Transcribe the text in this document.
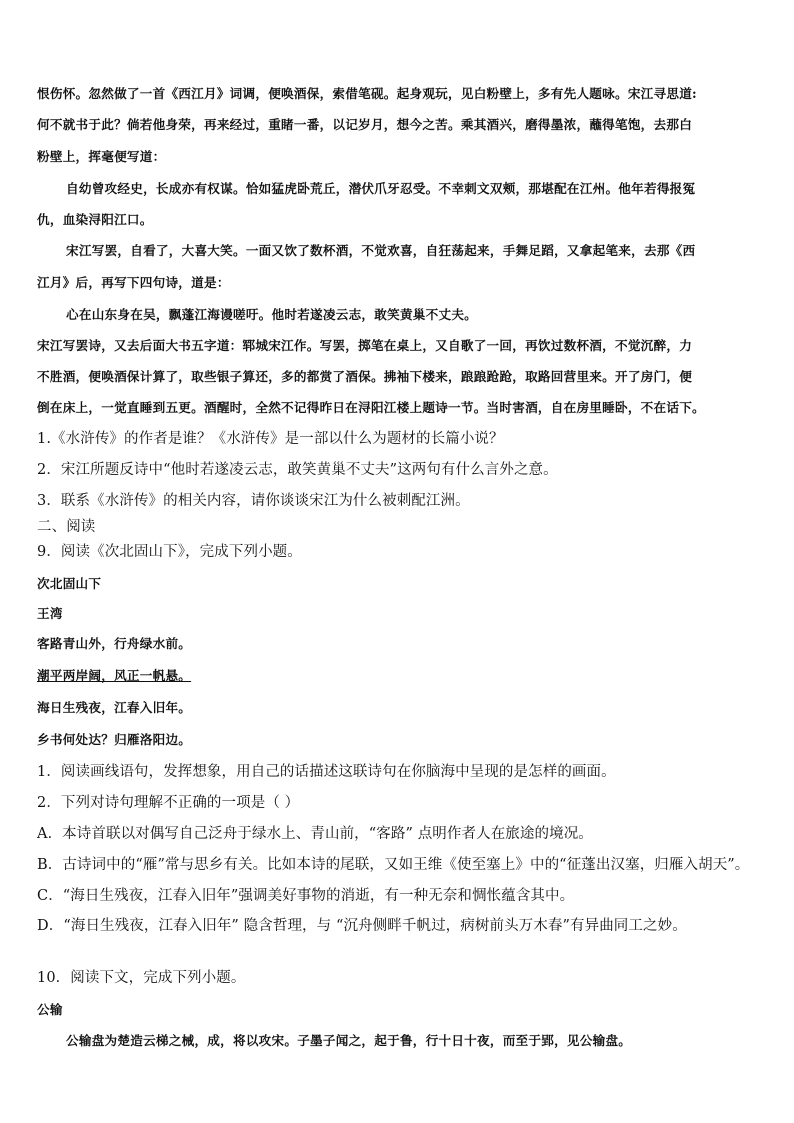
恨伤怀。忽然做了一首《西江月》词调，便唤酒保，索借笔砚。起身观玩，见白粉壁上，多有先人题咏。宋江寻思道:
何不就书于此？倘若他身荣，再来经过，重睹一番，以记岁月，想今之苦。乘其酒兴，磨得墨浓，蘸得笔饱，去那白
粉壁上，挥毫便写道：
自幼曾攻经史，长成亦有权谋。恰如猛虎卧荒丘，潜伏爪牙忍受。不幸刺文双颊，那堪配在江州。他年若得报冤
仇，血染浔阳江口。
宋江写罢，自看了，大喜大笑。一面又饮了数杯酒，不觉欢喜，自狂荡起来，手舞足蹈，又拿起笔来，去那《西
江月》后，再写下四句诗，道是：
心在山东身在吴，飘蓬江海谩嗟吁。他时若遂凌云志，敢笑黄巢不丈夫。
宋江写罢诗，又去后面大书五字道：郓城宋江作。写罢，掷笔在桌上，又自歌了一回，再饮过数杯酒，不觉沉醉，力
不胜酒，便唤酒保计算了，取些银子算还，多的都赏了酒保。拂袖下楼来，踉踉跄跄，取路回营里来。开了房门，便
倒在床上，一觉直睡到五更。酒醒时，全然不记得昨日在浔阳江楼上题诗一节。当时害酒，自在房里睡卧，不在话下。
1.《水浒传》的作者是谁？《水浒传》是一部以什么为题材的长篇小说？
2．宋江所题反诗中“他时若遂凌云志，敢笑黄巢不丈夫”这两句有什么言外之意。
3．联系《水浒传》的相关内容，请你谈谈宋江为什么被刺配江洲。
二、阅读
9．阅读《次北固山下》，完成下列小题。
次北固山下
王湾
客路青山外，行舟绿水前。
潮平两岸阔，风正一帆悬。
海日生残夜，江春入旧年。
乡书何处达？归雁洛阳边。
1．阅读画线语句，发挥想象，用自己的话描述这联诗句在你脑海中呈现的是怎样的画面。
2．下列对诗句理解不正确的一项是（ ）
A．本诗首联以对偶写自己泛舟于绿水上、青山前，“客路” 点明作者人在旅途的境况。
B．古诗词中的“雁”常与思乡有关。比如本诗的尾联，又如王维《使至塞上》中的“征蓬出汉塞，归雁入胡天”。
C．“海日生残夜，江春入旧年”强调美好事物的消逝，有一种无奈和惆怅蕴含其中。
D．“海日生残夜，江春入旧年” 隐含哲理，与 “沉舟侧畔千帆过，病树前头万木春”有异曲同工之妙。
10．阅读下文，完成下列小题。
公输
公输盘为楚造云梯之械，成，将以攻宋。子墨子闻之，起于鲁，行十日十夜，而至于郢，见公输盘。
